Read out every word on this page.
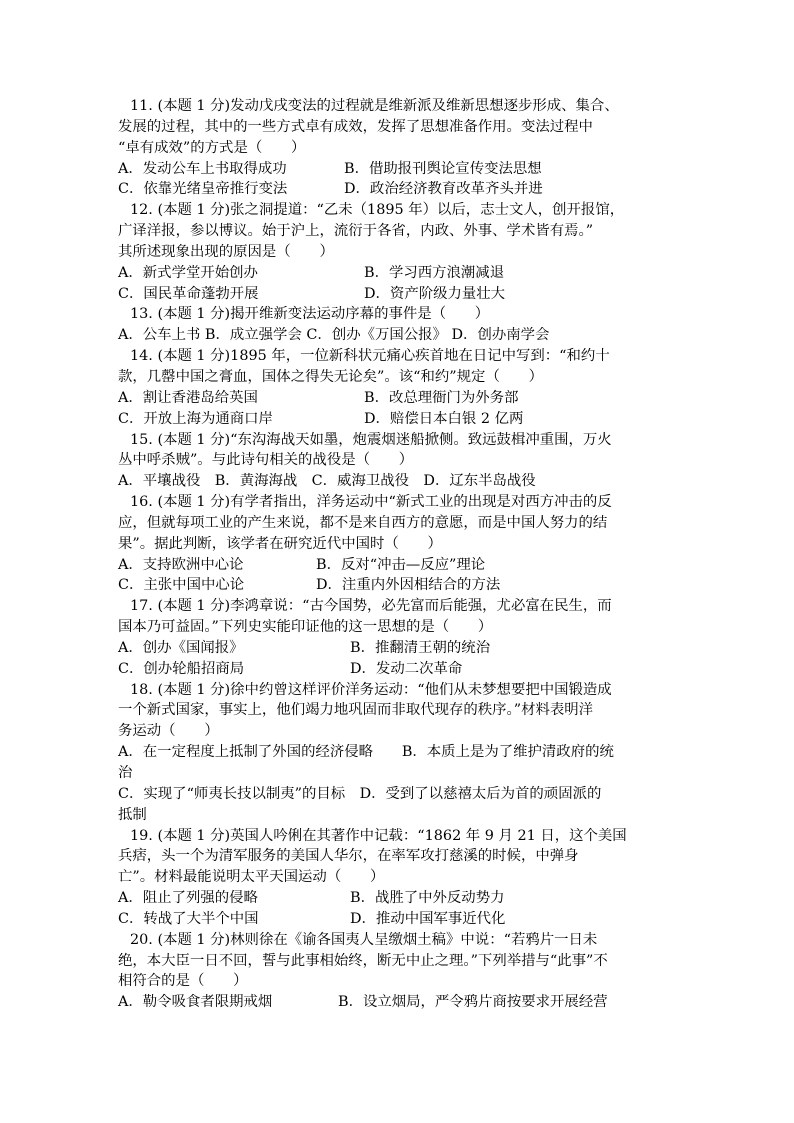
11. (本题 1 分)发动戊戌变法的过程就是维新派及维新思想逐步形成、集合、
发展的过程，其中的一些方式卓有成效，发挥了思想准备作用。变法过程中
“卓有成效”的方式是（　　）
A．发动公车上书取得成功	B．借助报刊舆论宣传变法思想
C．依靠光绪皇帝推行变法	D．政治经济教育改革齐头并进
12. (本题 1 分)张之洞提道：“乙未（1895 年）以后，志士文人，创开报馆，
广译洋报，参以博议。始于沪上，流衍于各省，内政、外事、学术皆有焉。”
其所述现象出现的原因是（　　）
A．新式学堂开始创办	B．学习西方浪潮减退
C．国民革命蓬勃开展	D．资产阶级力量壮大
13. (本题 1 分)揭开维新变法运动序幕的事件是（　　）
A．公车上书 B．成立强学会 C．创办《万国公报》 D．创办南学会
14. (本题 1 分)1895 年，一位新科状元痛心疾首地在日记中写到：“和约十
款，几罄中国之膏血，国体之得失无论矣”。该“和约”规定（　　）
A．割让香港岛给英国	B．改总理衙门为外务部
C．开放上海为通商口岸	D．赔偿日本白银 2 亿两
15. (本题 1 分)“东沟海战天如墨，炮震烟迷船掀侧。致远鼓楫冲重围，万火
丛中呼杀贼”。与此诗句相关的战役是（　　）
A．平壤战役　B．黄海海战　C．威海卫战役　D．辽东半岛战役
16. (本题 1 分)有学者指出，洋务运动中“新式工业的出现是对西方冲击的反
应，但就每项工业的产生来说，都不是来自西方的意愿，而是中国人努力的结
果”。据此判断，该学者在研究近代中国时（　　）
A．支持欧洲中心论	B．反对“冲击—反应”理论
C．主张中国中心论	D．注重内外因相结合的方法
17. (本题 1 分)李鸿章说：“古今国势，必先富而后能强，尤必富在民生，而
国本乃可益固。”下列史实能印证他的这一思想的是（　　）
A．创办《国闻报》	B．推翻清王朝的统治
C．创办轮船招商局	D．发动二次革命
18. (本题 1 分)徐中约曾这样评价洋务运动：“他们从未梦想要把中国锻造成
一个新式国家，事实上，他们竭力地巩固而非取代现存的秩序。”材料表明洋
务运动（　　）
A．在一定程度上抵制了外国的经济侵略　　B．本质上是为了维护清政府的统
治
C．实现了“师夷长技以制夷”的目标　D．受到了以慈禧太后为首的顽固派的
抵制
19. (本题 1 分)英国人吟俐在其著作中记载：“1862 年 9 月 21 日，这个美国
兵痞，头一个为清军服务的美国人华尔，在率军攻打慈溪的时候，中弹身
亡”。材料最能说明太平天国运动（　　）
A．阻止了列强的侵略	B．战胜了中外反动势力
C．转战了大半个中国	D．推动中国军事近代化
20. (本题 1 分)林则徐在《谕各国夷人呈缴烟土稿》中说：“若鸦片一日未
绝，本大臣一日不回，誓与此事相始终，断无中止之理。”下列举措与“此事”不
相符合的是（　　）
A．勒令吸食者限期戒烟	B．设立烟局，严令鸦片商按要求开展经营
